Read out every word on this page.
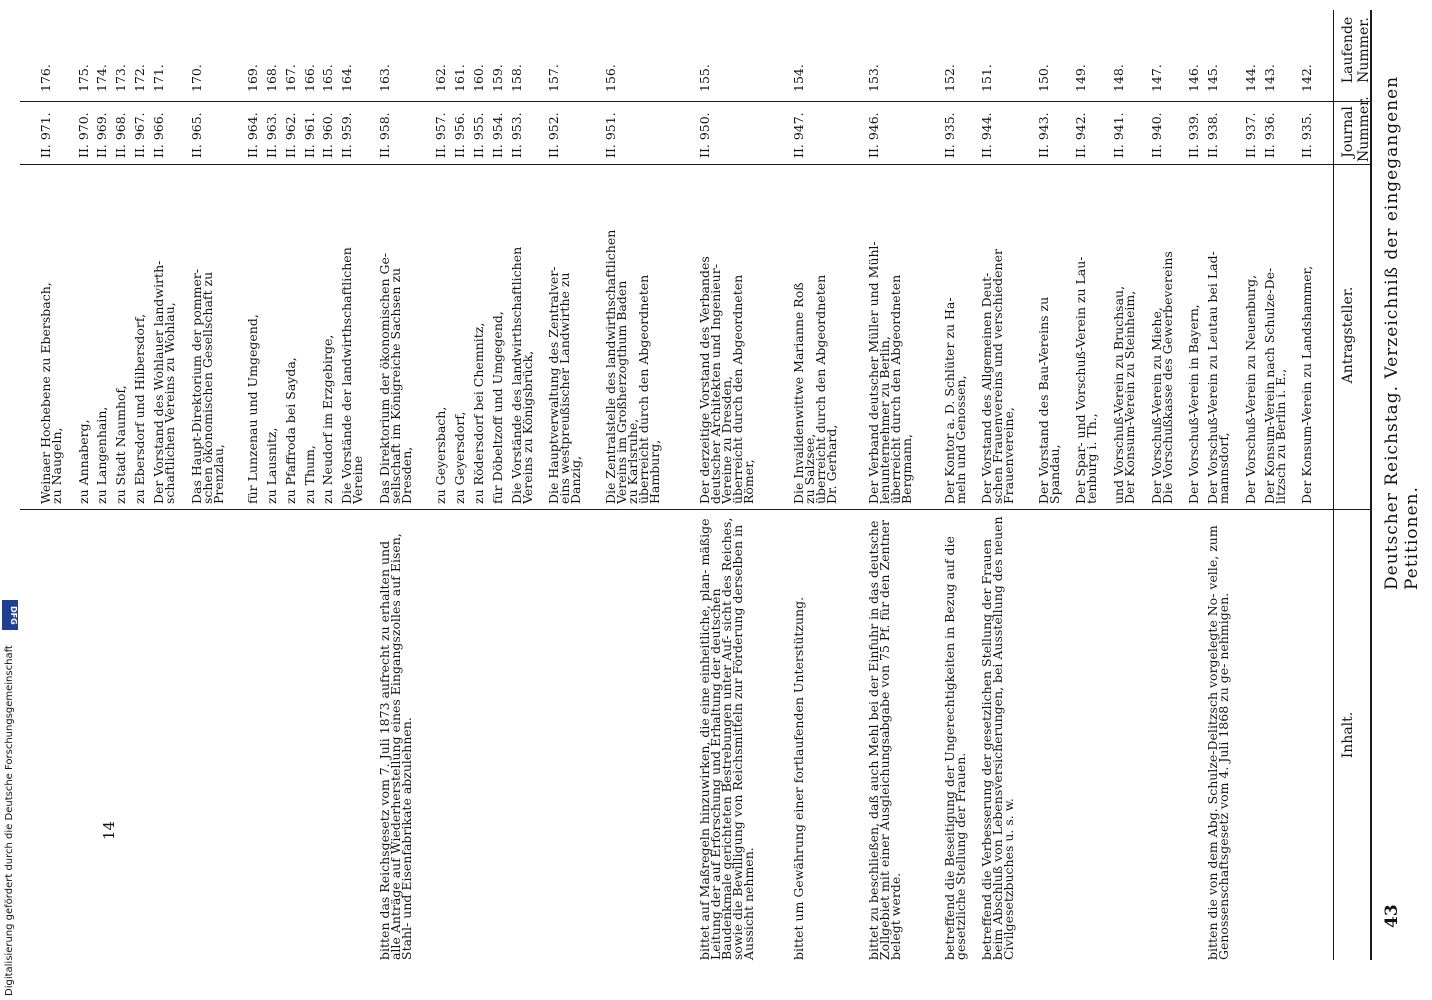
Deutscher Reichstag. Verzeichniß der eingegangenen Petitionen.
43
Laufende Nummer.
Journal Nummer.
Antragsteller.
Inhalt.
142.
II. 935.
Der Konsum-Verein zu Landshammer,
143.
II. 936.
Der Konsum-Verein nach Schulze-De-
litzsch zu Berlin i. E.,
144.
II. 937.
Der Vorschuß-Verein zu Neuenburg,
145.
II. 938.
Der Vorschuß-Verein zu Leutau bei Lad-
mannsdorf,
bitten die von dem Abg. Schulze-Delitzsch vorgelegte No- velle, zum Genossenschaftsgesetz vom 4. Juli 1868 zu ge- nehmigen.
146.
II. 939.
Der Vorschuß-Verein in Bayern,
147.
II. 940.
Der Vorschuß-Verein zu Miehe,
Die Vorschußkasse des Gewerbevereins
148.
II. 941.
und Vorschuß-Verein zu Bruchsau,
Der Konsum-Verein zu Steinheim,
149.
II. 942.
Der Spar- und Vorschuß-Verein zu Lau-
tenburg i. Th.,
150.
II. 943.
Der Vorstand des Bau-Vereins zu
Spandau,
151.
II. 944.
Der Vorstand des Allgemeinen Deut-
schen Frauenvereins und verschiedener
Frauenvereine,
betreffend die Verbesserung der gesetzlichen Stellung der Frauen beim Abschluß von Lebensversicherungen, bei Ausstellung des neuen Civilgesetzbuches u. s. w.
152.
II. 935.
Der Kontor a. D. Schlüter zu Ha-
meln und Genossen,
betreffend die Beseitigung der Ungerechtigkeiten in Bezug auf die gesetzliche Stellung der Frauen.
153.
II. 946.
Der Verband deutscher Müller und Mühl-
lenunternehmer zu Berlin,
überreicht durch den Abgeordneten
Bergmann,
bittet zu beschließen, daß auch Mehl bei der Einfuhr in das deutsche Zollgebiet mit einer Ausgleichungsabgabe von 75 Pf. für den Zentner belegt werde.
154.
II. 947.
Die Invalidenwittwe Marianne Roß
zu Salzsee,
überreicht durch den Abgeordneten
Dr. Gerhard,
bittet um Gewährung einer fortlaufenden Unterstützung.
155.
II. 950.
Der derzeitige Vorstand des Verbandes
deutscher Architekten und Ingenieur-
Vereine zu Dresden,
überreicht durch den Abgeordneten
Römer,
bittet auf Maßregeln hinzuwirken, die eine einheitliche, plan- mäßige Leitung der auf Erforschung und Erhaltung der deutschen Baudenkmale gerichteten Bestrebungen unter Auf- sicht des Reiches, sowie die Bewilligung von Reichsmitteln zur Förderung derselben in Aussicht nehmen.
156.
II. 951.
Die Zentralstelle des landwirthschaftlichen
Vereins im Großherzogthum Baden
zu Karlsruhe,
überreicht durch den Abgeordneten
Hamburg,
157.
II. 952.
Die Hauptverwaltung des Zentralver-
eins westpreußischer Landwirthe zu
Danzig,
158.
II. 953.
Die Vorstände des landwirthschaftlichen
Vereins zu Königsbrück,
159.
II. 954.
für Döbeltzoff und Umgegend,
160.
II. 955.
zu Rödersdorf bei Chemnitz,
161.
II. 956.
zu Geyersdorf,
162.
II. 957.
zu Geyersbach,
163.
II. 958.
Das Direktorium der ökonomischen Ge-
sellschaft im Königreiche Sachsen zu
Dresden,
bitten das Reichsgesetz vom 7. Juli 1873 aufrecht zu erhalten und alle Anträge auf Wiederherstellung eines Eingangszolles auf Eisen, Stahl- und Eisenfabrikate abzulehnen.
164.
II. 959.
Die Vorstände der landwirthschaftlichen
Vereine
165.
II. 960.
zu Neudorf im Erzgebirge,
166.
II. 961.
zu Thum,
167.
II. 962.
zu Pfaffroda bei Sayda,
168.
II. 963.
zu Lausnitz,
169.
II. 964.
für Lunzenau und Umgegend,
170.
II. 965.
Das Haupt-Direktorium der pommer-
schen ökonomischen Gesellschaft zu
Prenzlau,
171.
II. 966.
Der Vorstand des Wohlauer landwirth-
schaftlichen Vereins zu Wohlau,
172.
II. 967.
zu Ebersdorf und Hilbersdorf,
173.
II. 968.
zu Stadt Naumhof,
174.
II. 969.
zu Langenhain,
175.
II. 970.
zu Annaberg,
176.
II. 971.
Weinaer Hochebene zu Ebersbach,
zu Naugeln,
14
DFG
Digitalisierung gefördert durch die Deutsche Forschungsgemeinschaft
